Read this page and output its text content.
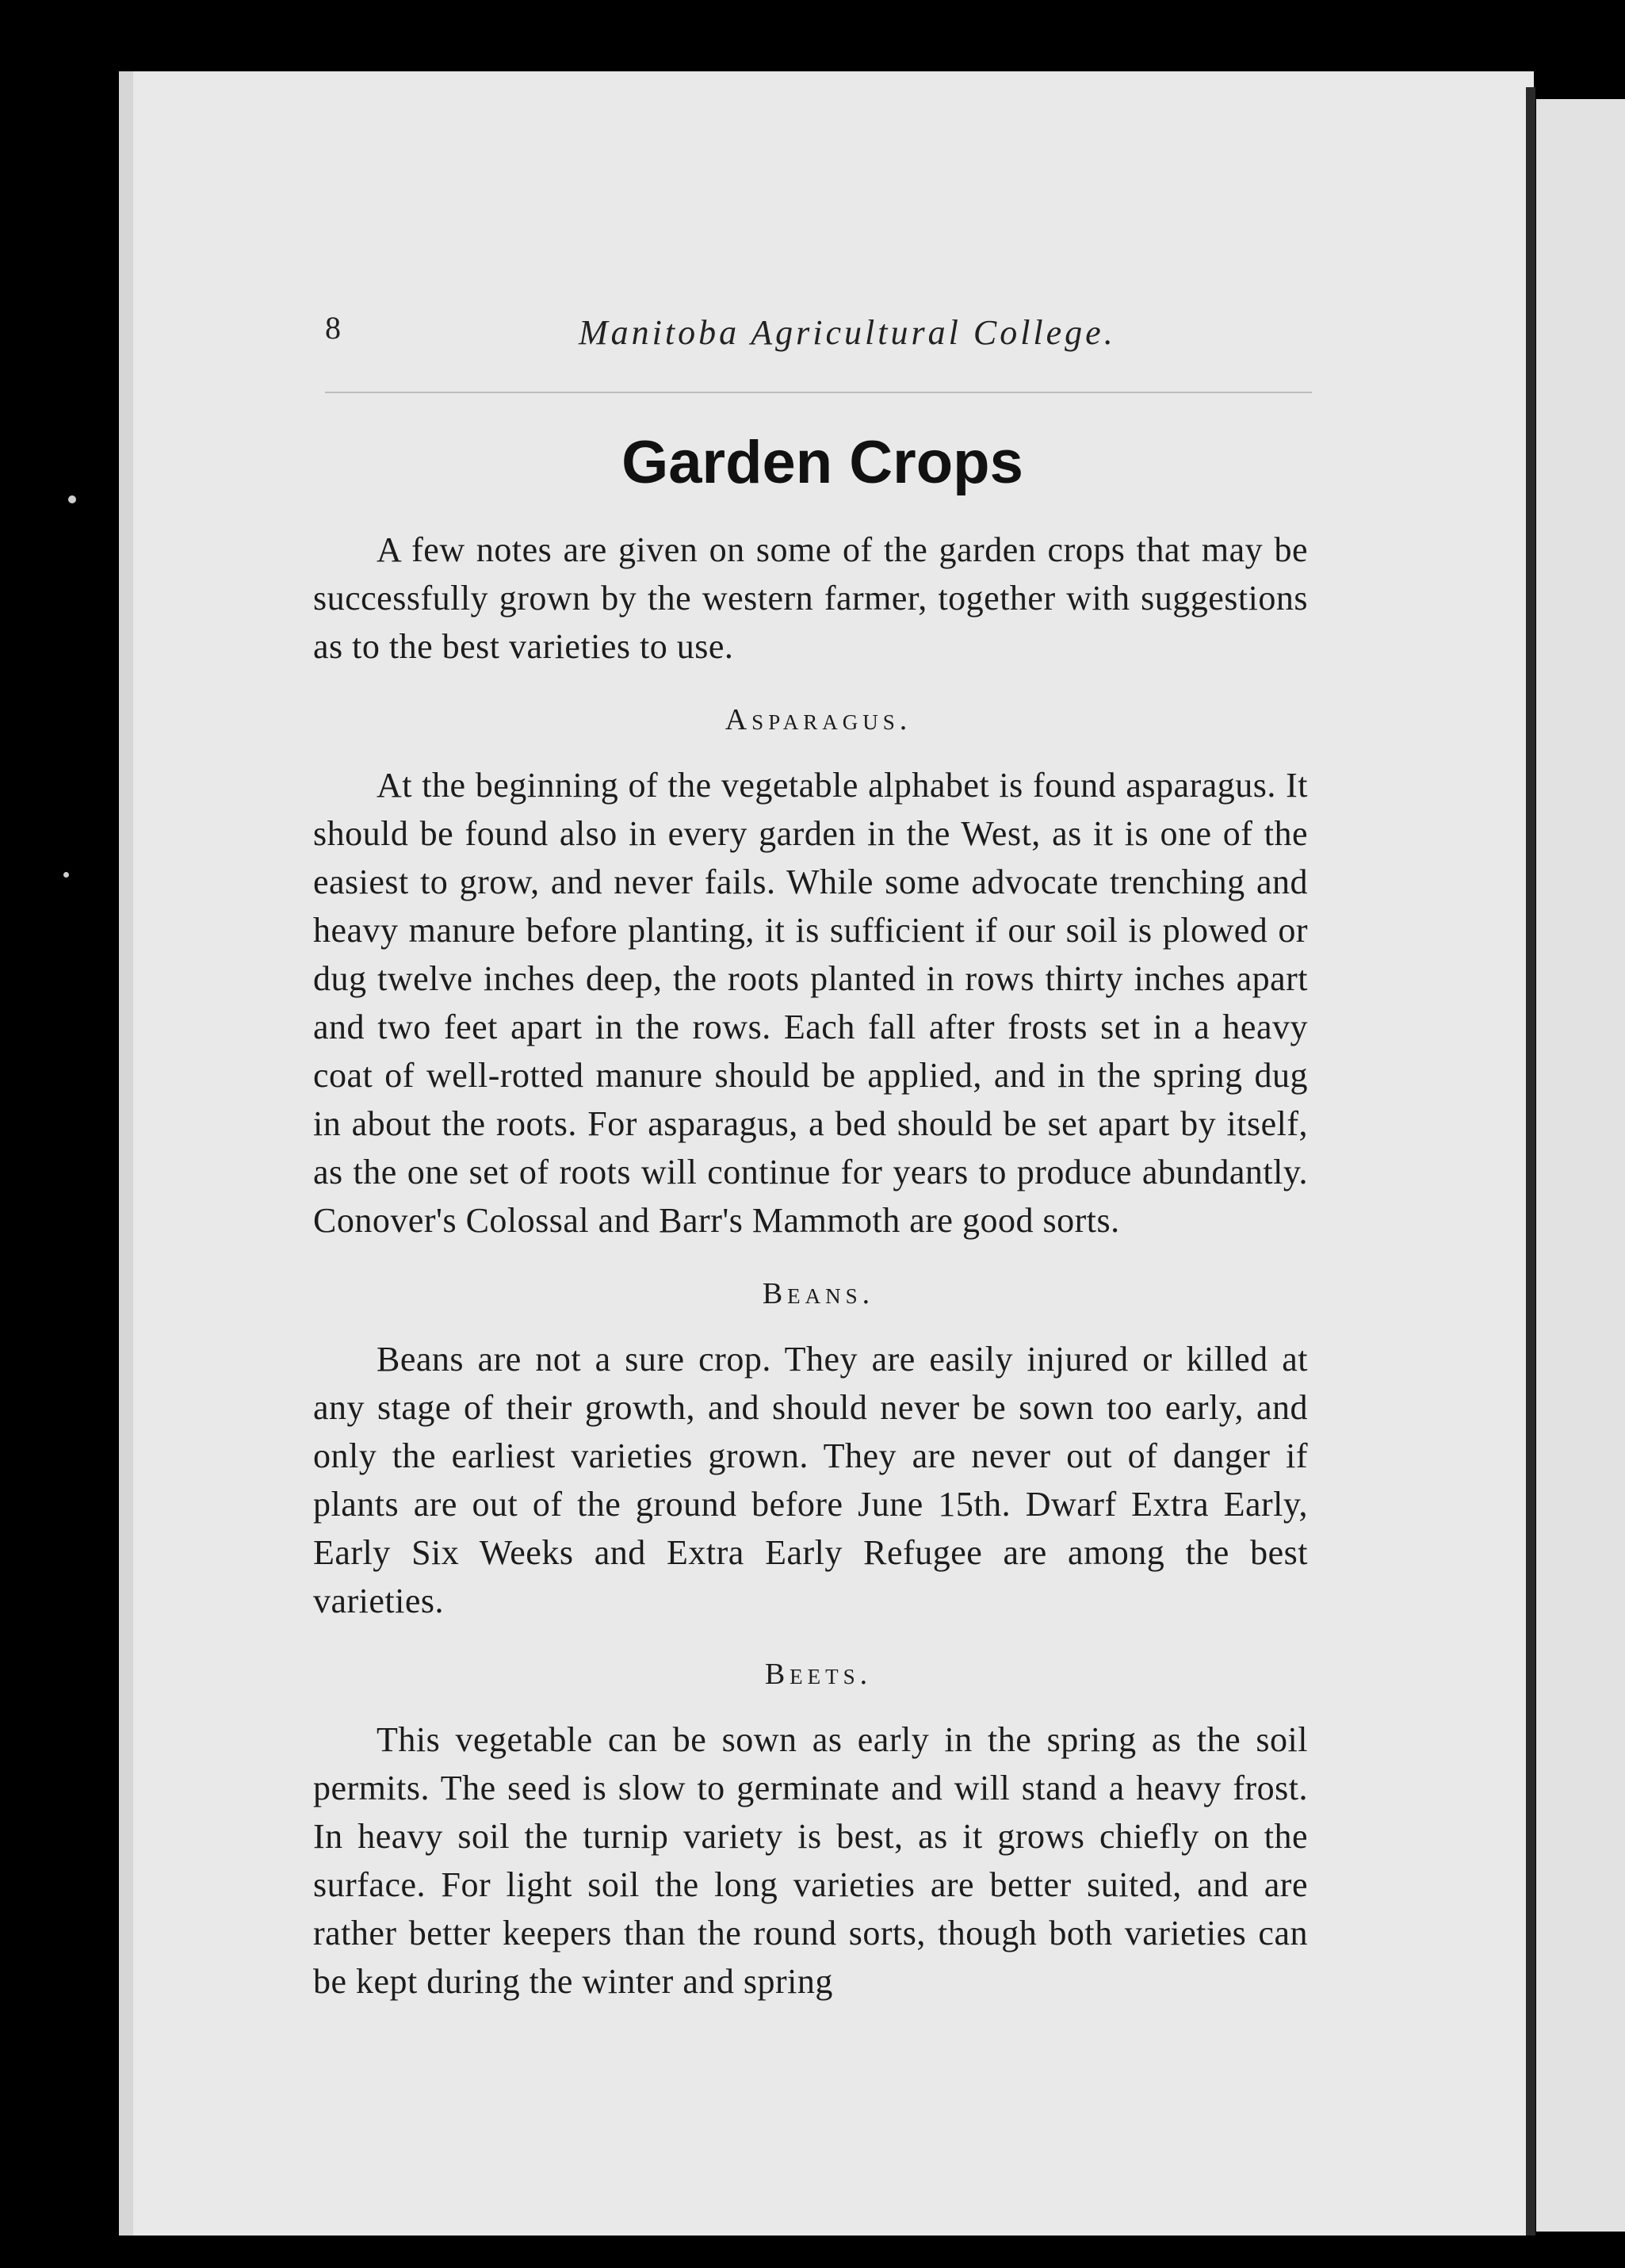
8	Manitoba Agricultural College.
Garden Crops

A few notes are given on some of the garden crops that may be successfully grown by the western farmer, together with suggestions as to the best varieties to use.

Asparagus.

At the beginning of the vegetable alphabet is found asparagus. It should be found also in every garden in the West, as it is one of the easiest to grow, and never fails. While some advocate trenching and heavy manure before planting, it is sufficient if our soil is plowed or dug twelve inches deep, the roots planted in rows thirty inches apart and two feet apart in the rows. Each fall after frosts set in a heavy coat of well-rotted manure should be applied, and in the spring dug in about the roots. For asparagus, a bed should be set apart by itself, as the one set of roots will continue for years to produce abundantly. Conover's Colossal and Barr's Mammoth are good sorts.

Beans.

Beans are not a sure crop. They are easily injured or killed at any stage of their growth, and should never be sown too early, and only the earliest varieties grown. They are never out of danger if plants are out of the ground before June 15th. Dwarf Extra Early, Early Six Weeks and Extra Early Refugee are among the best varieties.

Beets.

This vegetable can be sown as early in the spring as the soil permits. The seed is slow to germinate and will stand a heavy frost. In heavy soil the turnip variety is best, as it grows chiefly on the surface. For light soil the long varieties are better suited, and are rather better keepers than the round sorts, though both varieties can be kept during the winter and spring
